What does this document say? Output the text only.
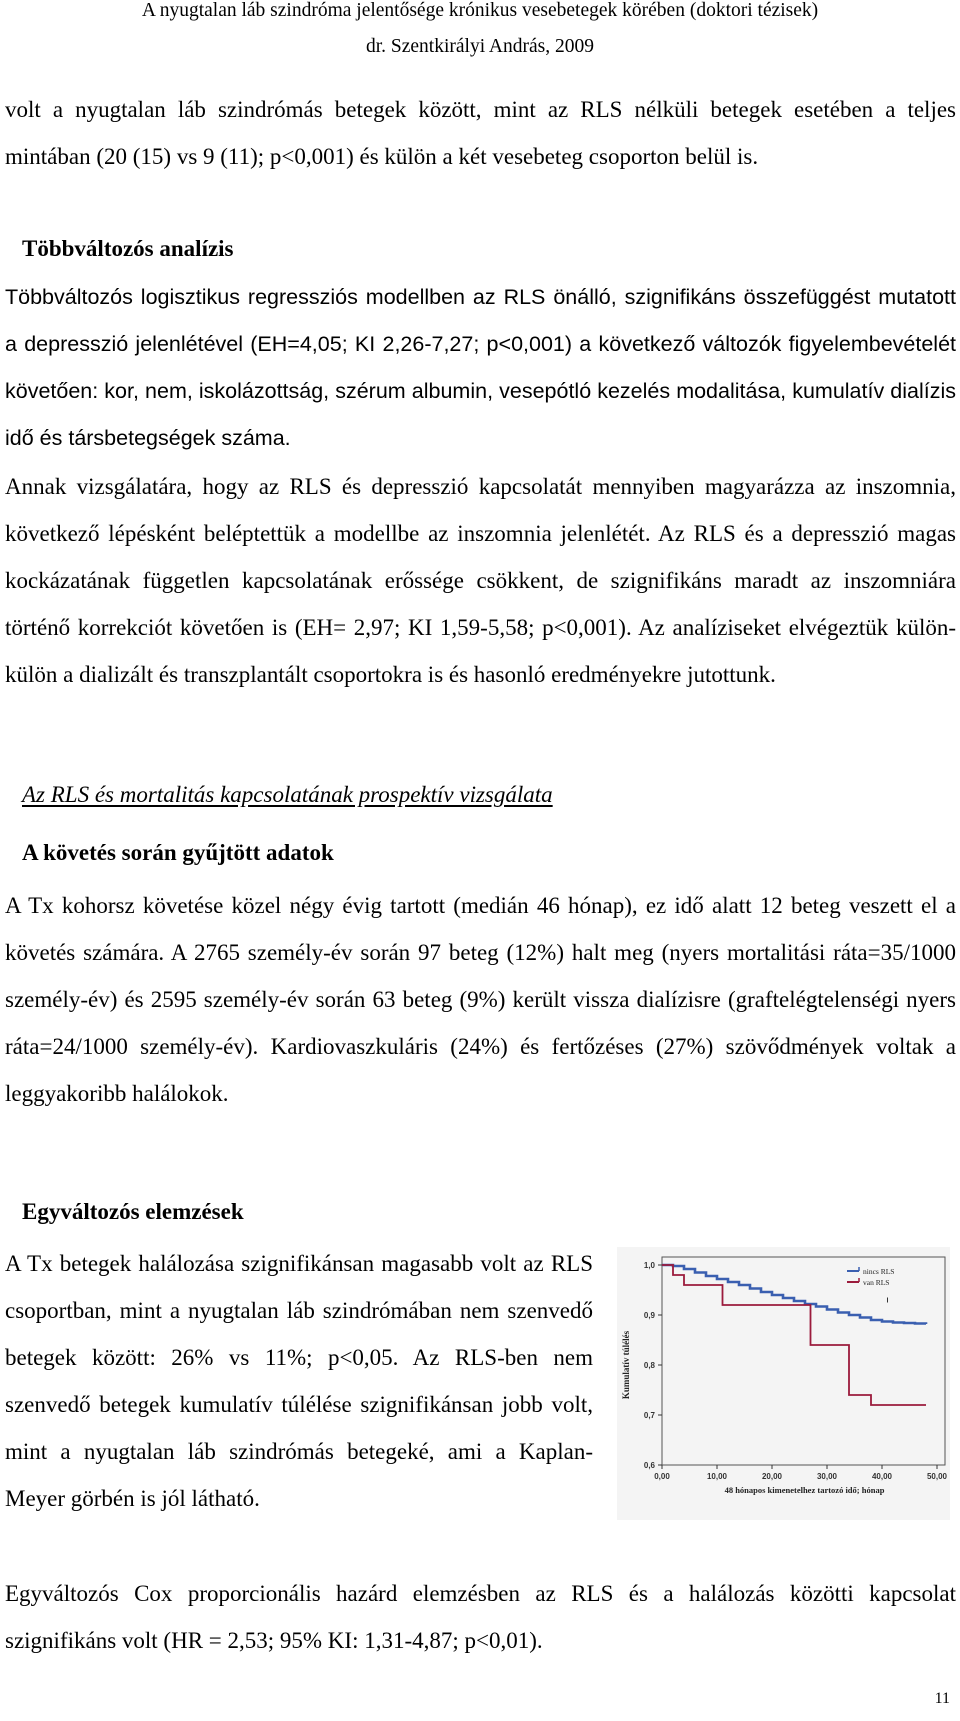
A nyugtalan láb szindróma jelentősége krónikus vesebetegek körében (doktori tézisek)
dr. Szentkirályi András, 2009
volt a nyugtalan láb szindrómás betegek között, mint az RLS nélküli betegek esetében a teljes mintában (20 (15) vs 9 (11); p<0,001) és külön a két vesebeteg csoporton belül is.
Többváltozós analízis
Többváltozós logisztikus regressziós modellben az RLS önálló, szignifikáns összefüggést mutatott a depresszió jelenlétével (EH=4,05; KI 2,26-7,27; p<0,001) a következő változók figyelembevételét követően: kor, nem, iskolázottság, szérum albumin, vesepótló kezelés modalitása, kumulatív dialízis idő és társbetegségek száma.
Annak vizsgálatára, hogy az RLS és depresszió kapcsolatát mennyiben magyarázza az inszomnia, következő lépésként beléptettük a modellbe az inszomnia jelenlétét. Az RLS és a depresszió magas kockázatának független kapcsolatának erőssége csökkent, de szignifikáns maradt az inszomniára történő korrekciót követően is (EH= 2,97; KI 1,59-5,58; p<0,001). Az analíziseket elvégeztük külön-külön a dializált és transzplantált csoportokra is és hasonló eredményekre jutottunk.
Az RLS és mortalitás kapcsolatának prospektív vizsgálata
A követés során gyűjtött adatok
A Tx kohorsz követése közel négy évig tartott (medián 46 hónap), ez idő alatt 12 beteg veszett el a követés számára. A 2765 személy-év során 97 beteg (12%) halt meg (nyers mortalitási ráta=35/1000 személy-év) és 2595 személy-év során 63 beteg (9%) került vissza dialízisre (graftelégtelenségi nyers ráta=24/1000 személy-év). Kardiovaszkuláris (24%) és fertőzéses (27%) szövődmények voltak a leggyakoribb halálokok.
Egyváltozós elemzések
A Tx betegek halálozása szignifikánsan magasabb volt az RLS csoportban, mint a nyugtalan láb szindrómában nem szenvedő betegek között: 26% vs 11%; p<0,05. Az RLS-ben nem szenvedő betegek kumulatív túlélése szignifikánsan jobb volt, mint a nyugtalan láb szindrómás betegeké, ami a Kaplan-Meyer görbén is jól látható.
1,0
0,9
0,8
0,7
0,6
0,00	10,00	20,00	30,00	40,00	50,00
48 hónapos kimenetelhez tartozó idő; hónap
Kumulatív túlélés
nincs RLS
van RLS
Egyváltozós Cox proporcionális hazárd elemzésben az RLS és a halálozás közötti kapcsolat szignifikáns volt (HR = 2,53; 95% KI: 1,31-4,87; p<0,01).
11
